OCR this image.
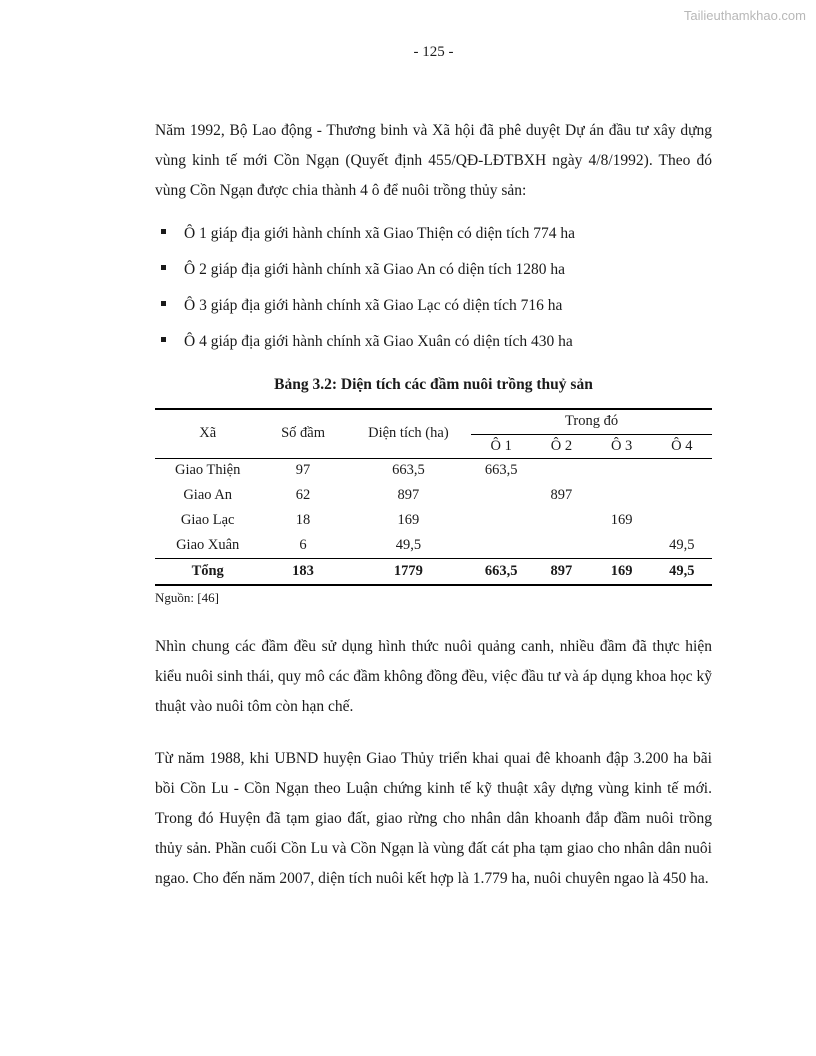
Tailieuthamkhao.com
- 125 -

Năm 1992, Bộ Lao động - Thương binh và Xã hội đã phê duyệt Dự án đầu tư xây dựng vùng kinh tế mới Cồn Ngạn (Quyết định 455/QĐ-LĐTBXH ngày 4/8/1992). Theo đó vùng Cồn Ngạn được chia thành 4 ô để nuôi trồng thủy sản:

Ô 1 giáp địa giới hành chính xã Giao Thiện có diện tích 774 ha
Ô 2 giáp địa giới hành chính xã Giao An có diện tích 1280 ha
Ô 3 giáp địa giới hành chính xã Giao Lạc có diện tích 716 ha
Ô 4 giáp địa giới hành chính xã Giao Xuân có diện tích 430 ha
Bảng 3.2: Diện tích các đầm nuôi trồng thuỷ sản
Xã	Số đầm	Diện tích (ha)	Trong đó			
			Ô 1	Ô 2	Ô 3	Ô 4
Giao Thiện	97	663,5	663,5			
Giao An	62	897		897		
Giao Lạc	18	169			169	
Giao Xuân	6	49,5				49,5
Tổng	183	1779	663,5	897	169	49,5
Nguồn: [46]

Nhìn chung các đầm đều sử dụng hình thức nuôi quảng canh, nhiều đầm đã thực hiện kiểu nuôi sinh thái, quy mô các đầm không đồng đều, việc đầu tư và áp dụng khoa học kỹ thuật vào nuôi tôm còn hạn chế.

Từ năm 1988, khi UBND huyện Giao Thủy triển khai quai đê khoanh đập 3.200 ha bãi bồi Cồn Lu - Cồn Ngạn theo Luận chứng kinh tế kỹ thuật xây dựng vùng kinh tế mới. Trong đó Huyện đã tạm giao đất, giao rừng cho nhân dân khoanh đắp đầm nuôi trồng thủy sản. Phần cuối Cồn Lu và Cồn Ngạn là vùng đất cát pha tạm giao cho nhân dân nuôi ngao. Cho đến năm 2007, diện tích nuôi kết hợp là 1.779 ha, nuôi chuyên ngao là 450 ha.
